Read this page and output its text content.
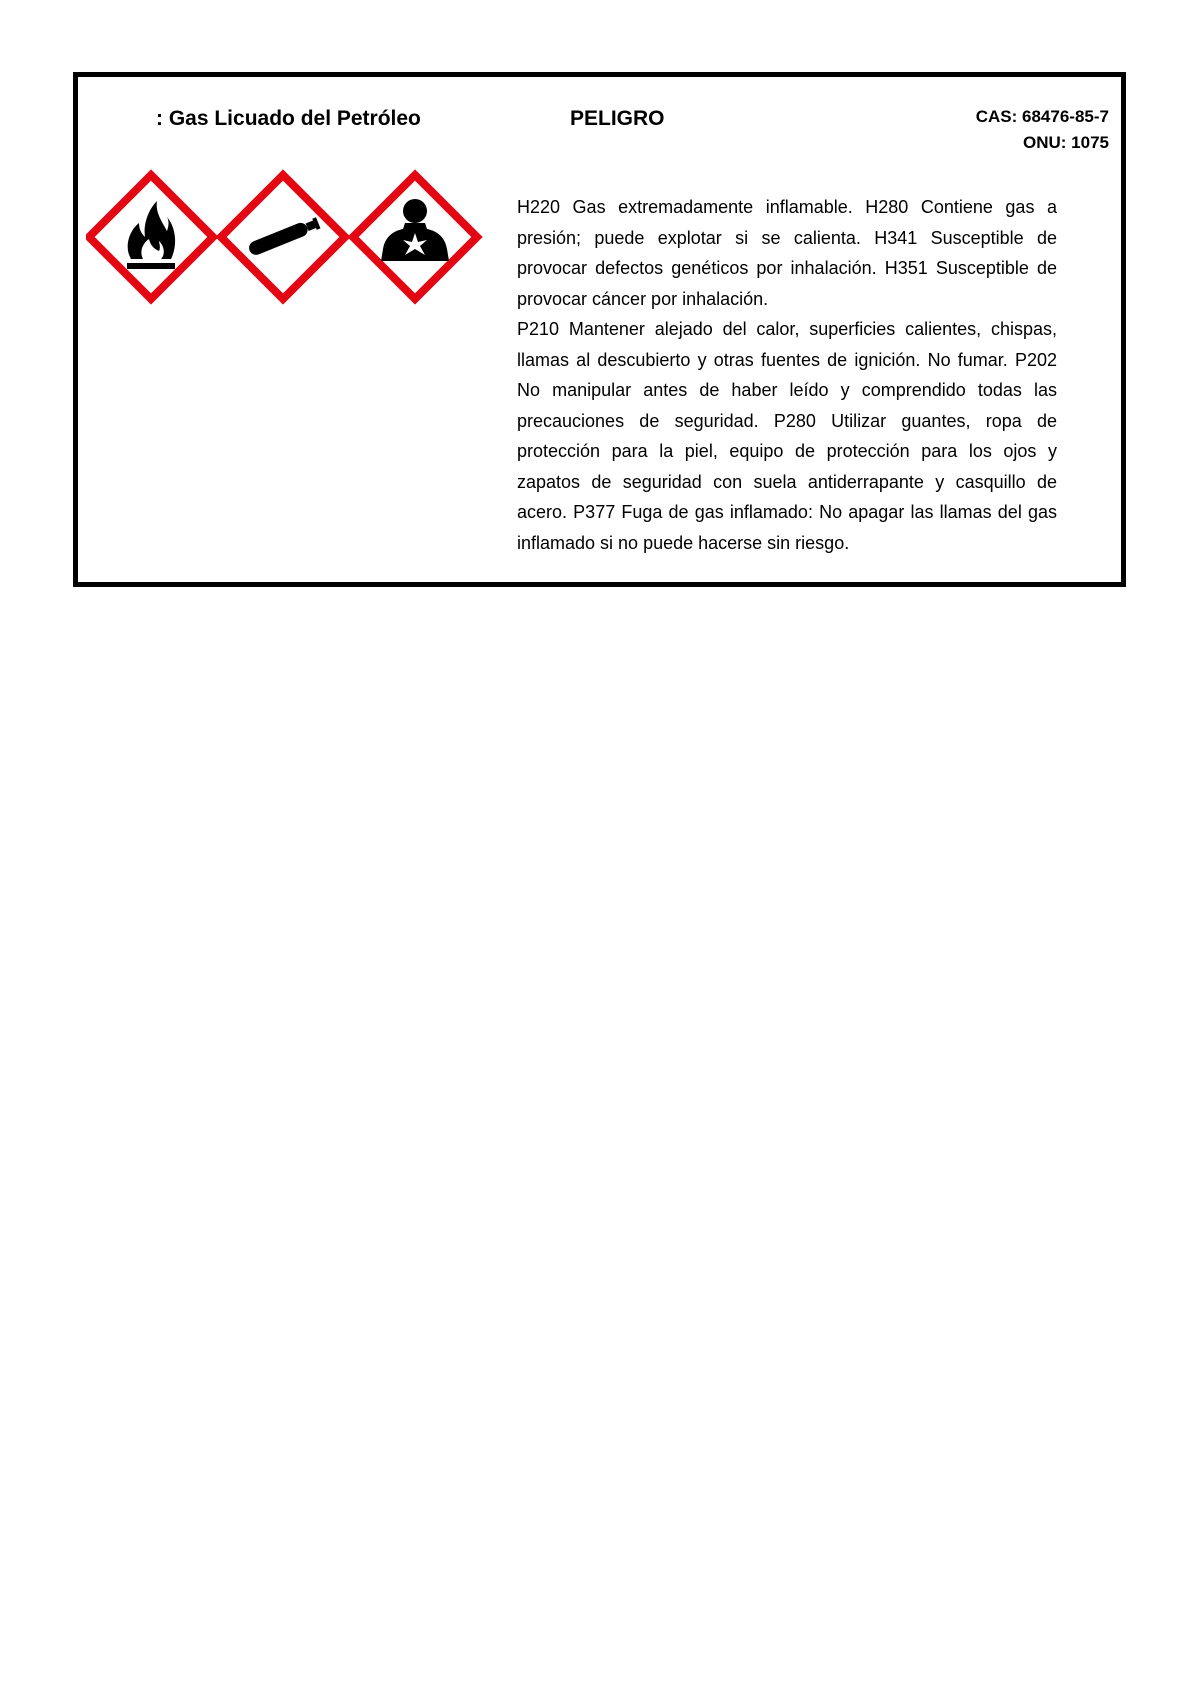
: Gas Licuado del Petróleo	PELIGRO	CAS: 68476-85-7
ONU: 1075

H220 Gas extremadamente inflamable. H280 Contiene gas a presión; puede explotar si se calienta. H341 Susceptible de provocar defectos genéticos por inhalación. H351 Susceptible de provocar cáncer por inhalación.

P210 Mantener alejado del calor, superficies calientes, chispas, llamas al descubierto y otras fuentes de ignición. No fumar. P202 No manipular antes de haber leído y comprendido todas las precauciones de seguridad. P280 Utilizar guantes, ropa de protección para la piel, equipo de protección para los ojos y zapatos de seguridad con suela antiderrapante y casquillo de acero. P377 Fuga de gas inflamado: No apagar las llamas del gas inflamado si no puede hacerse sin riesgo.
